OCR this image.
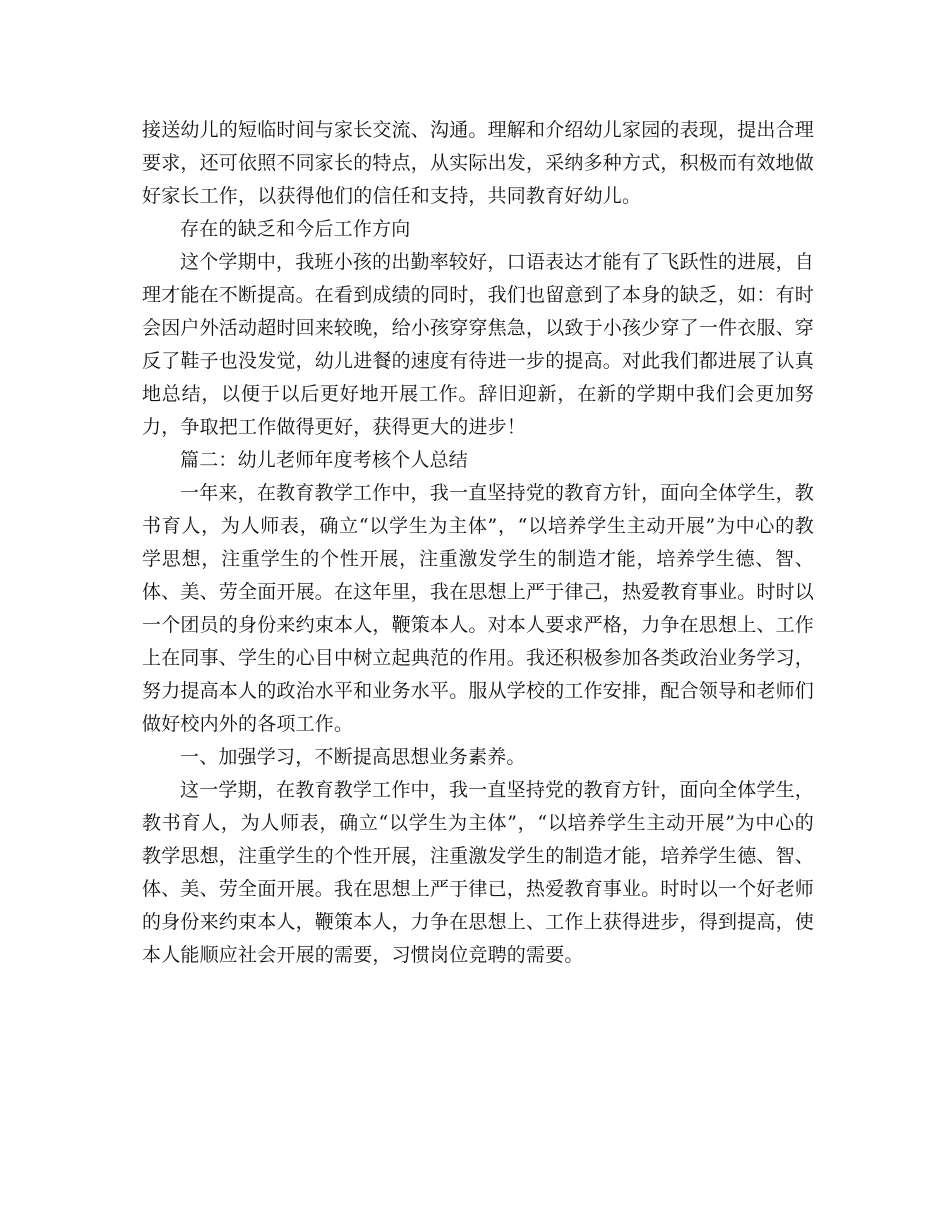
接送幼儿的短临时间与家长交流、沟通。理解和介绍幼儿家园的表现，提出合理要求，还可依照不同家长的特点，从实际出发，采纳多种方式，积极而有效地做好家长工作，以获得他们的信任和支持，共同教育好幼儿。

存在的缺乏和今后工作方向

这个学期中，我班小孩的出勤率较好，口语表达才能有了飞跃性的进展，自理才能在不断提高。在看到成绩的同时，我们也留意到了本身的缺乏，如：有时会因户外活动超时回来较晚，给小孩穿穿焦急，以致于小孩少穿了一件衣服、穿反了鞋子也没发觉，幼儿进餐的速度有待进一步的提高。对此我们都进展了认真地总结，以便于以后更好地开展工作。辞旧迎新，在新的学期中我们会更加努力，争取把工作做得更好，获得更大的进步！

篇二：幼儿老师年度考核个人总结

一年来，在教育教学工作中，我一直坚持党的教育方针，面向全体学生，教书育人，为人师表，确立“以学生为主体”，“以培养学生主动开展”为中心的教学思想，注重学生的个性开展，注重激发学生的制造才能，培养学生德、智、体、美、劳全面开展。在这年里，我在思想上严于律己，热爱教育事业。时时以一个团员的身份来约束本人，鞭策本人。对本人要求严格，力争在思想上、工作上在同事、学生的心目中树立起典范的作用。我还积极参加各类政治业务学习，努力提高本人的政治水平和业务水平。服从学校的工作安排，配合领导和老师们做好校内外的各项工作。

一、加强学习，不断提高思想业务素养。

这一学期，在教育教学工作中，我一直坚持党的教育方针，面向全体学生，教书育人，为人师表，确立“以学生为主体”，“以培养学生主动开展”为中心的教学思想，注重学生的个性开展，注重激发学生的制造才能，培养学生德、智、体、美、劳全面开展。我在思想上严于律已，热爱教育事业。时时以一个好老师的身份来约束本人，鞭策本人，力争在思想上、工作上获得进步，得到提高，使本人能顺应社会开展的需要，习惯岗位竞聘的需要。
